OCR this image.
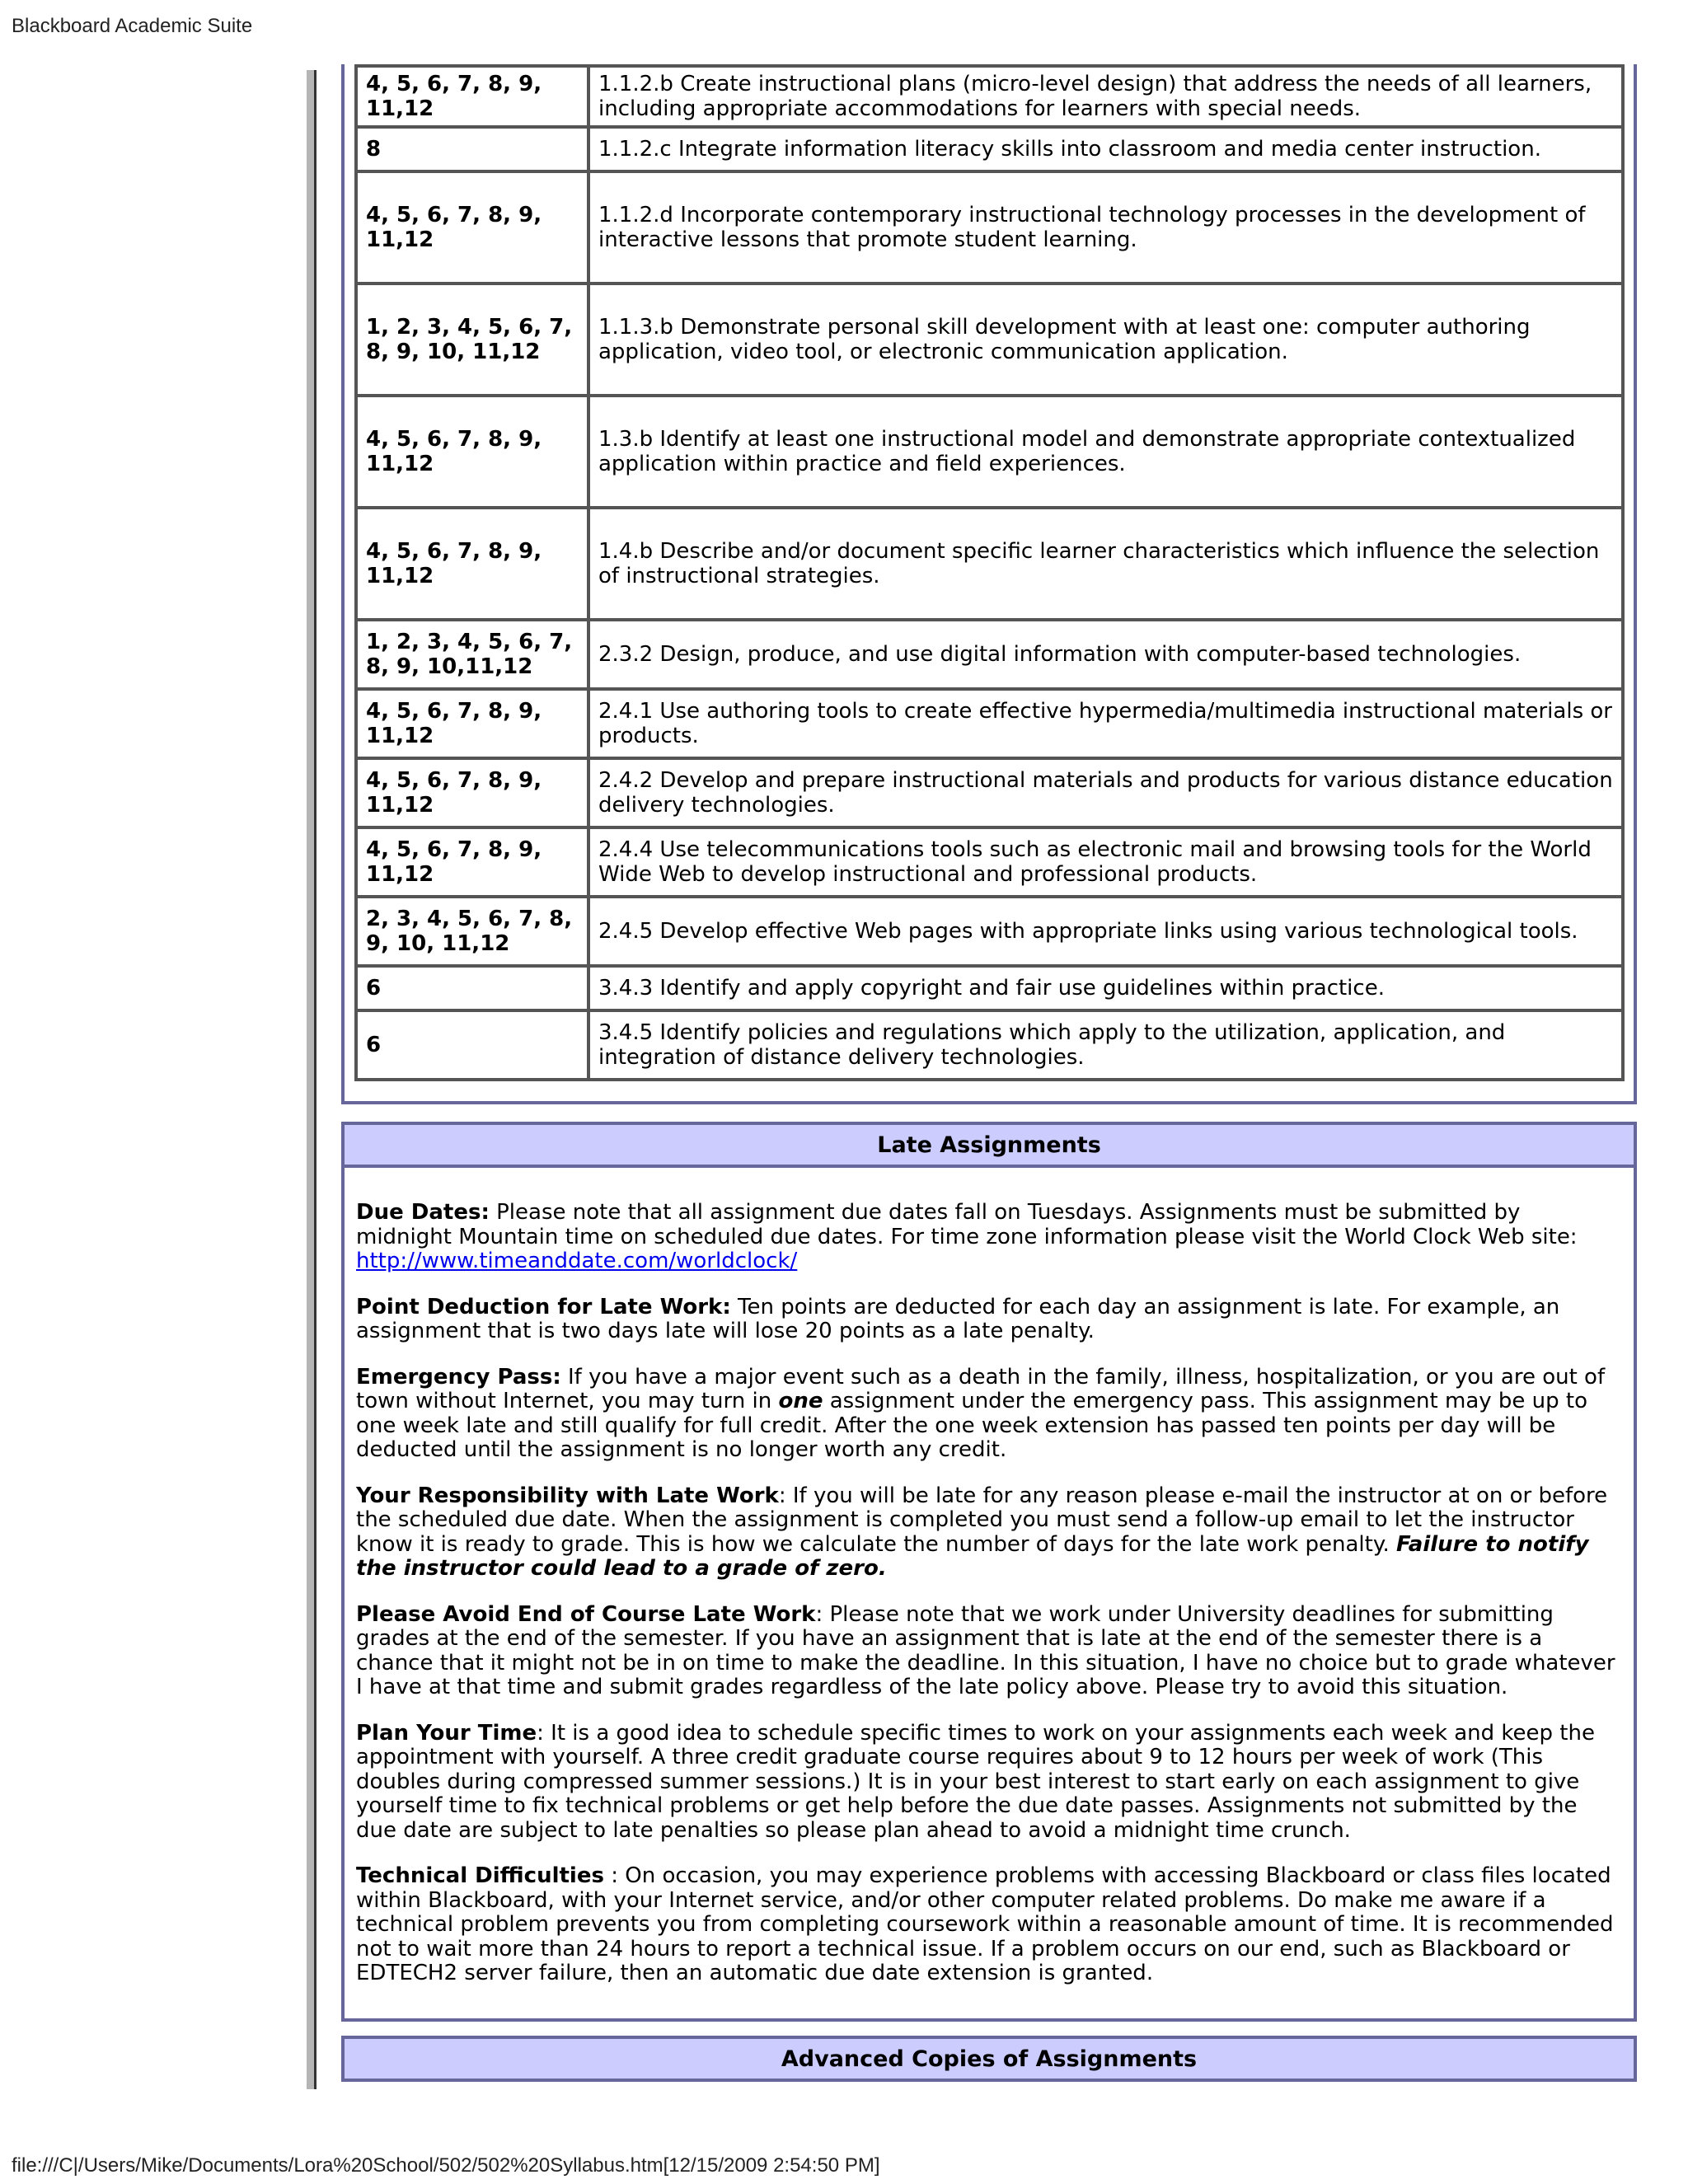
Blackboard Academic Suite
4, 5, 6, 7, 8, 9, 11,12	1.1.2.b Create instructional plans (micro-level design) that address the needs of all learners, including appropriate accommodations for learners with special needs.
8	1.1.2.c Integrate information literacy skills into classroom and media center instruction.
4, 5, 6, 7, 8, 9, 11,12	1.1.2.d Incorporate contemporary instructional technology processes in the development of interactive lessons that promote student learning.
1, 2, 3, 4, 5, 6, 7, 8, 9, 10, 11,12	1.1.3.b Demonstrate personal skill development with at least one: computer authoring application, video tool, or electronic communication application.
4, 5, 6, 7, 8, 9, 11,12	1.3.b Identify at least one instructional model and demonstrate appropriate contextualized application within practice and field experiences.
4, 5, 6, 7, 8, 9, 11,12	1.4.b Describe and/or document specific learner characteristics which influence the selection of instructional strategies.
1, 2, 3, 4, 5, 6, 7, 8, 9, 10,11,12	2.3.2 Design, produce, and use digital information with computer-based technologies.
4, 5, 6, 7, 8, 9, 11,12	2.4.1 Use authoring tools to create effective hypermedia/multimedia instructional materials or products.
4, 5, 6, 7, 8, 9, 11,12	2.4.2 Develop and prepare instructional materials and products for various distance education delivery technologies.
4, 5, 6, 7, 8, 9, 11,12	2.4.4 Use telecommunications tools such as electronic mail and browsing tools for the World Wide Web to develop instructional and professional products.
2, 3, 4, 5, 6, 7, 8, 9, 10, 11,12	2.4.5 Develop effective Web pages with appropriate links using various technological tools.
6	3.4.3 Identify and apply copyright and fair use guidelines within practice.
6	3.4.5 Identify policies and regulations which apply to the utilization, application, and integration of distance delivery technologies.
Late Assignments

Due Dates: Please note that all assignment due dates fall on Tuesdays. Assignments must be submitted by midnight Mountain time on scheduled due dates. For time zone information please visit the World Clock Web site: http://www.timeanddate.com/worldclock/

Point Deduction for Late Work: Ten points are deducted for each day an assignment is late. For example, an assignment that is two days late will lose 20 points as a late penalty.

Emergency Pass: If you have a major event such as a death in the family, illness, hospitalization, or you are out of town without Internet, you may turn in one assignment under the emergency pass. This assignment may be up to one week late and still qualify for full credit. After the one week extension has passed ten points per day will be deducted until the assignment is no longer worth any credit.

Your Responsibility with Late Work: If you will be late for any reason please e-mail the instructor at on or before the scheduled due date. When the assignment is completed you must send a follow-up email to let the instructor know it is ready to grade. This is how we calculate the number of days for the late work penalty. Failure to notify the instructor could lead to a grade of zero.

Please Avoid End of Course Late Work: Please note that we work under University deadlines for submitting grades at the end of the semester. If you have an assignment that is late at the end of the semester there is a chance that it might not be in on time to make the deadline. In this situation, I have no choice but to grade whatever I have at that time and submit grades regardless of the late policy above. Please try to avoid this situation.

Plan Your Time: It is a good idea to schedule specific times to work on your assignments each week and keep the appointment with yourself. A three credit graduate course requires about 9 to 12 hours per week of work (This doubles during compressed summer sessions.) It is in your best interest to start early on each assignment to give yourself time to fix technical problems or get help before the due date passes. Assignments not submitted by the due date are subject to late penalties so please plan ahead to avoid a midnight time crunch.

Technical Difficulties : On occasion, you may experience problems with accessing Blackboard or class files located within Blackboard, with your Internet service, and/or other computer related problems. Do make me aware if a technical problem prevents you from completing coursework within a reasonable amount of time. It is recommended not to wait more than 24 hours to report a technical issue. If a problem occurs on our end, such as Blackboard or EDTECH2 server failure, then an automatic due date extension is granted.

Advanced Copies of Assignments
file:///C|/Users/Mike/Documents/Lora%20School/502/502%20Syllabus.htm[12/15/2009 2:54:50 PM]
